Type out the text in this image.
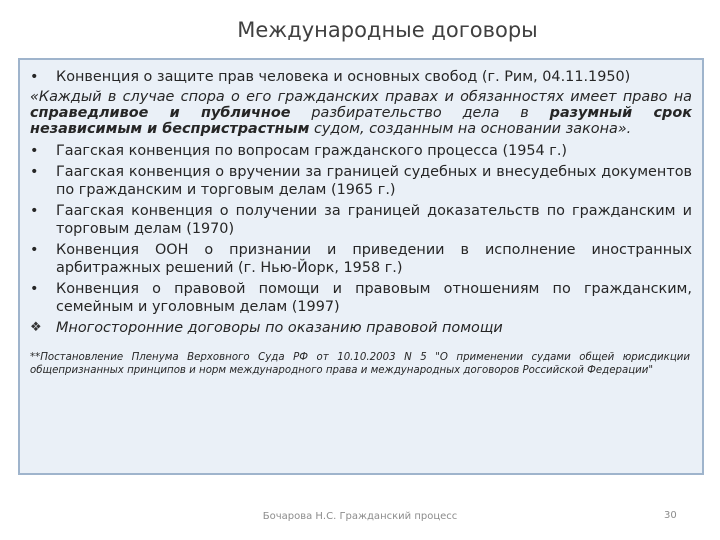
Международные договоры
•	Конвенция о защите прав человека и основных свобод (г. Рим, 04.11.1950)
«Каждый в случае спора о его гражданских правах и обязанностях имеет право на справедливое и публичное разбирательство дела в разумный срок независимым и беспристрастным судом, созданным на основании закона».
•	Гаагская конвенция по вопросам гражданского процесса (1954 г.)
•	Гаагская конвенция о вручении за границей судебных и внесудебных документов по гражданским и торговым делам (1965 г.)
•	Гаагская конвенция о получении за границей доказательств по гражданским и торговым делам (1970)
•	Конвенция ООН о признании и приведении в исполнение иностранных арбитражных решений (г. Нью-Йорк, 1958 г.)
•	Конвенция о правовой помощи и правовым отношениям по гражданским, семейным и уголовным делам (1997)
❖ Многосторонние договоры по оказанию правовой помощи
**Постановление Пленума Верховного Суда РФ от 10.10.2003 N 5 "О применении судами общей юрисдикции общепризнанных принципов и норм международного права и международных договоров Российской Федерации"
Бочарова Н.С. Гражданский процесс	30
